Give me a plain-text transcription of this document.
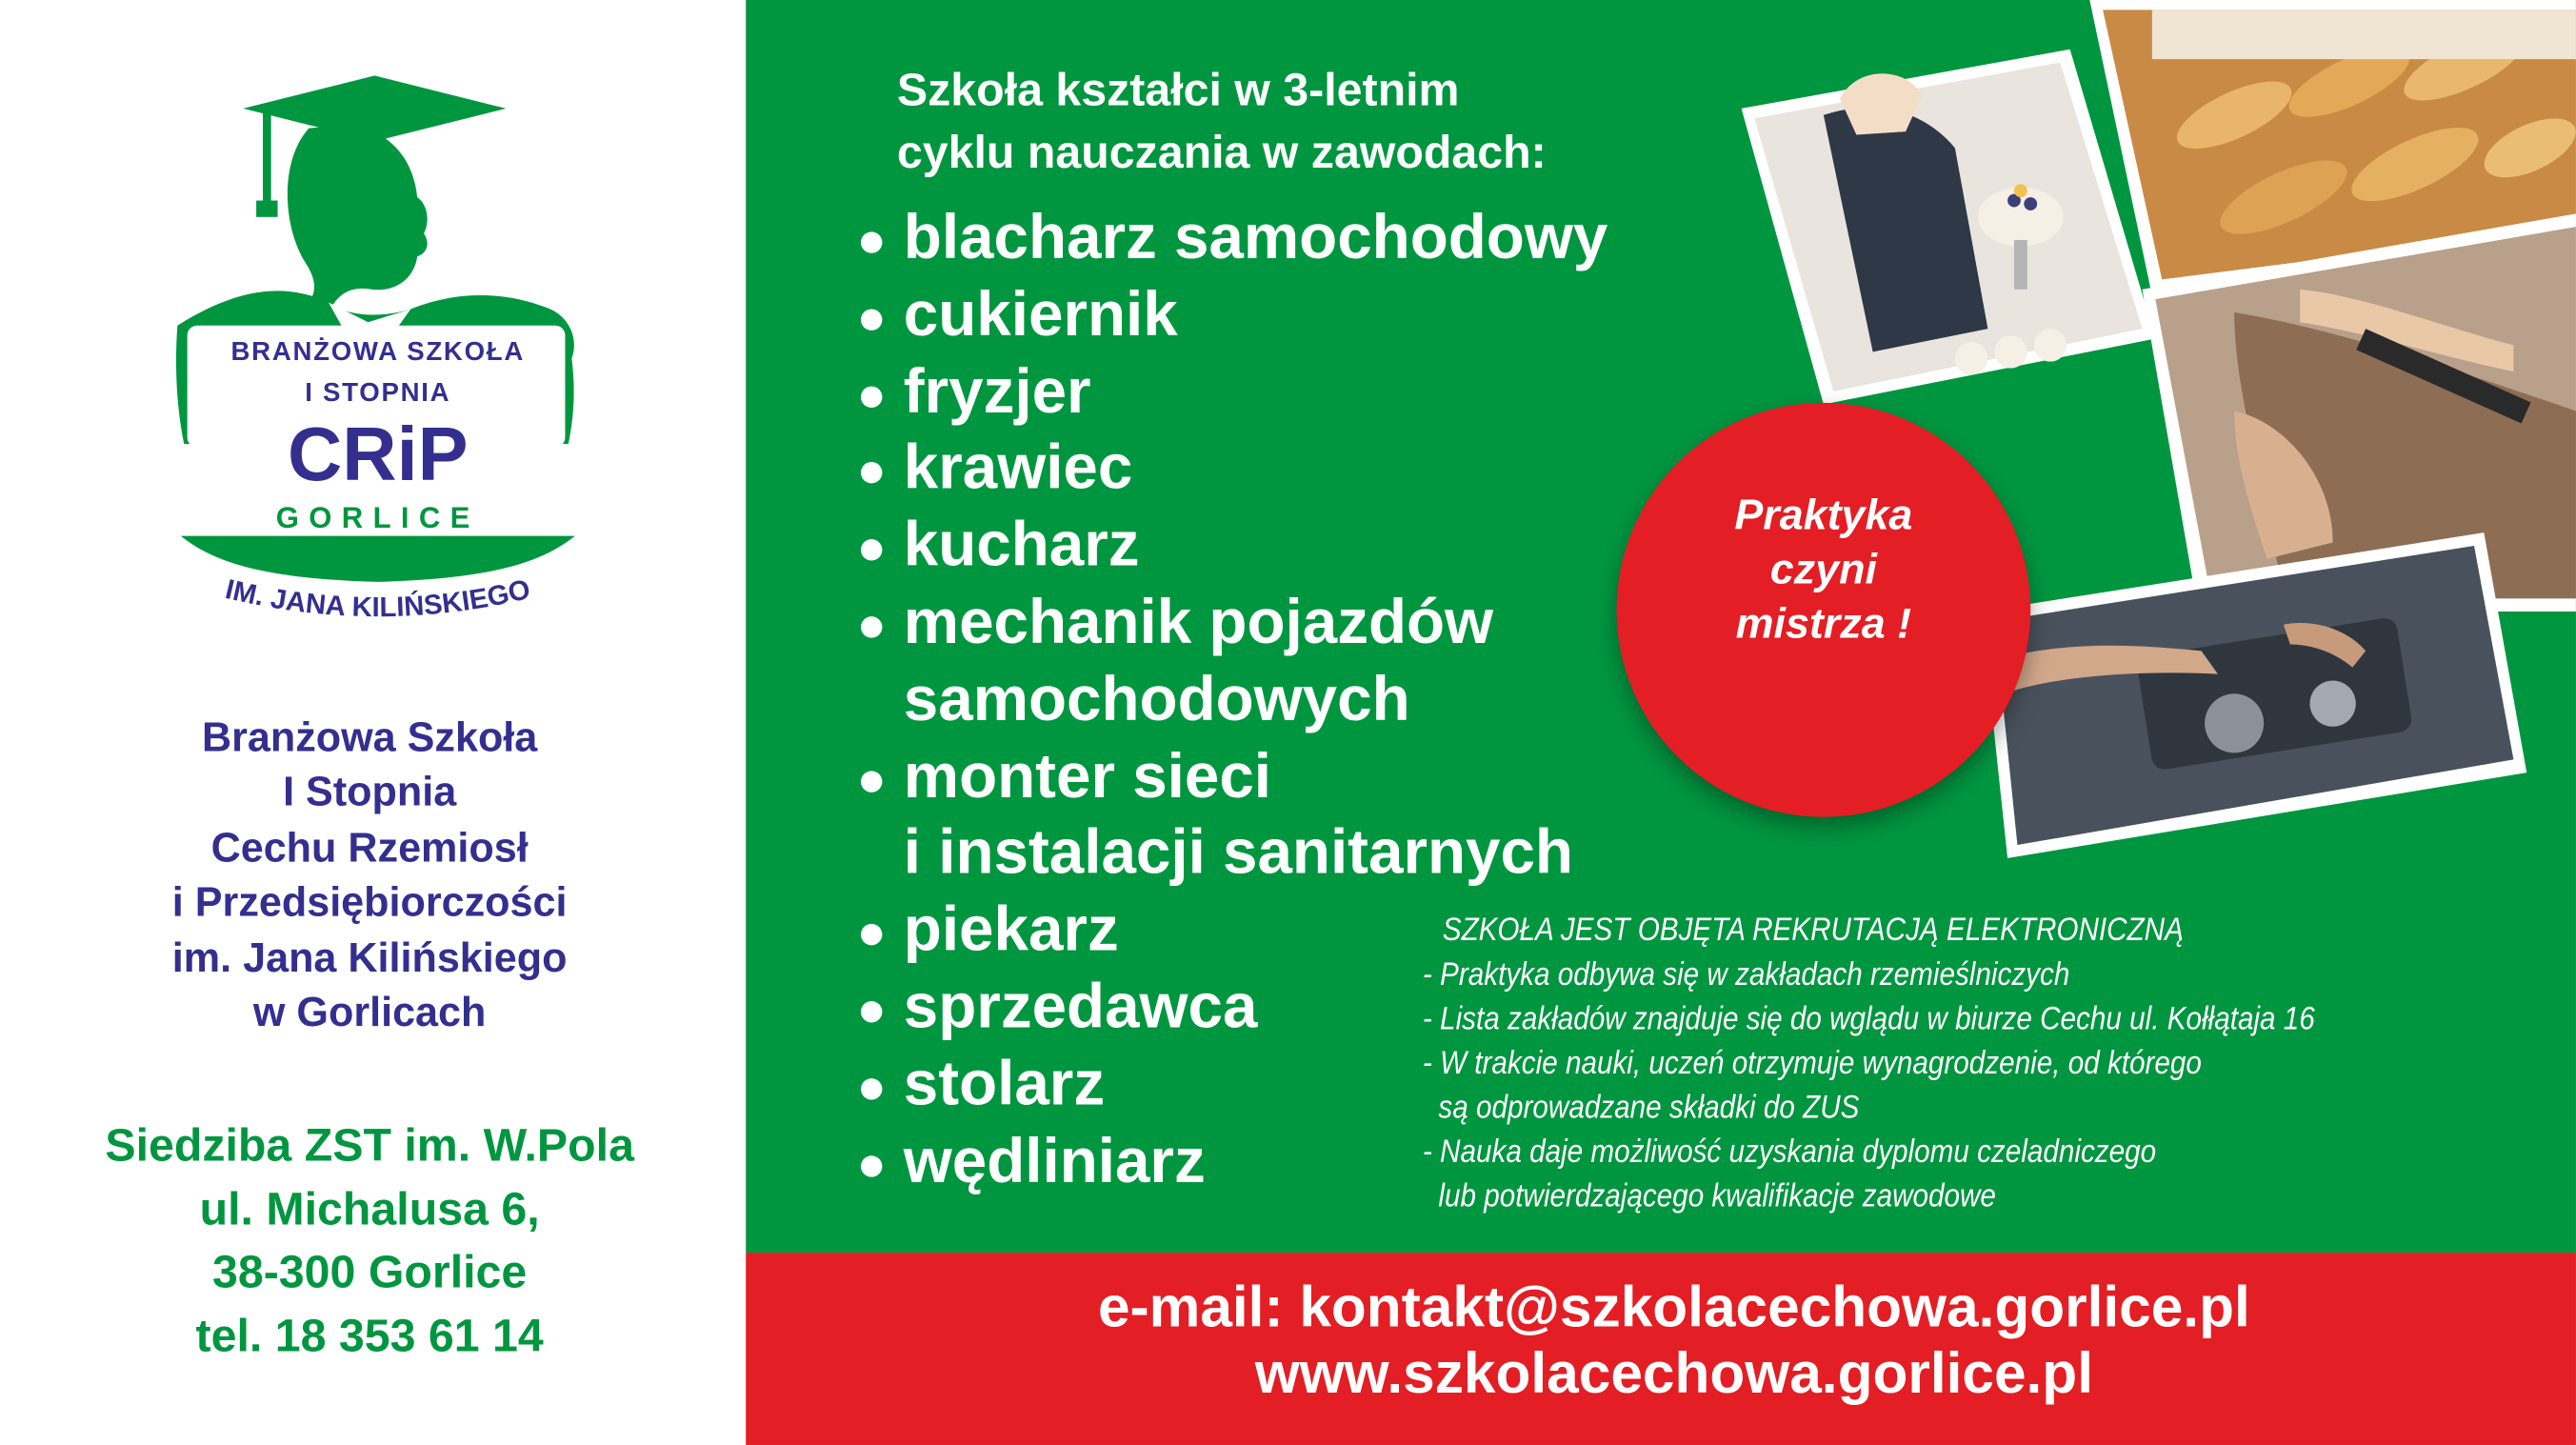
IM. JANA KILIŃSKIEGO
BRANŻOWA SZKOŁA
I STOPNIA
CRiP
GORLICE
Branżowa Szkoła
I Stopnia
Cechu Rzemiosł
i Przedsiębiorczości
im. Jana Kilińskiego
w Gorlicach
Siedziba ZST im. W.Pola
ul. Michalusa 6,
38-300 Gorlice
tel. 18 353 61 14
Szkoła kształci w 3-letnim
cyklu nauczania w zawodach:
blacharz samochodowy
cukiernik
fryzjer
krawiec
kucharz
mechanik pojazdów
samochodowych
monter sieci
i instalacji sanitarnych
piekarz
sprzedawca
stolarz
wędliniarz
Praktyka
czyni
mistrza !
SZKOŁA JEST OBJĘTA REKRUTACJĄ ELEKTRONICZNĄ
- Praktyka odbywa się w zakładach rzemieślniczych
- Lista zakładów znajduje się do wglądu w biurze Cechu ul. Kołłątaja 16
- W trakcie nauki, uczeń otrzymuje wynagrodzenie, od którego
są odprowadzane składki do ZUS
- Nauka daje możliwość uzyskania dyplomu czeladniczego
lub potwierdzającego kwalifikacje zawodowe
e-mail: kontakt@szkolacechowa.gorlice.pl
www.szkolacechowa.gorlice.pl
